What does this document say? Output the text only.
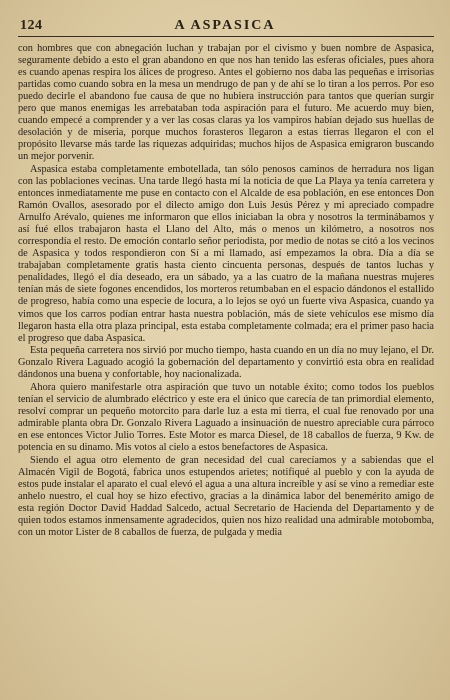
124	A ASPASICA

con hombres que con abnegación luchan y trabajan por el civismo y buen nombre de Aspasica, seguramente debido a esto el gran abandono en que nos han tenido las esferas oficiales, pues ahora es cuando apenas respira los álices de progreso. Antes el gobierno nos daba las pequeñas e irrisorias partidas como cuando sobra en la mesa un mendrugo de pan y de ahí se lo tiran a los perros. Por eso puedo decirle el abandono fue causa de que no hubiera instrucción para tantos que querían surgir pero que manos enemigas les arrebataban toda aspiración para el futuro. Me acuerdo muy bien, cuando empecé a comprender y a ver las cosas claras ya los vampiros habían dejado sus huellas de desolación y de miseria, porque muchos forasteros llegaron a estas tierras llegaron el con el propósito llevarse más tarde las riquezas adquiridas; muchos hijos de Aspasica emigraron buscando un mejor porvenir.

Aspasica estaba completamente embotellada, tan sólo penosos caminos de herradura nos ligan con las poblaciones vecinas. Una tarde llegó hasta mí la noticia de que La Playa ya tenía carretera y entonces inmediatamente me puse en contacto con el Alcalde de esa población, en ese entonces Don Ramón Ovallos, asesorado por el dilecto amigo don Luis Jesús Pérez y mi apreciado compadre Arnulfo Arévalo, quienes me informaron que ellos iniciaban la obra y nosotros la terminábamos y así fué ellos trabajaron hasta el Llano del Alto, más o menos un kilómetro, a nosotros nos correspondía el resto. De emoción contarlo señor periodista, por medio de notas se citó a los vecinos de Aspasica y todos respondieron con Sí a mi llamado, así empezamos la obra. Día a día se trabajaban completamente gratis hasta ciento cincuenta personas, después de tantos luchas y penalidades, llegó el día deseado, era un sábado, ya a las cuatro de la mañana nuestras mujeres tenían más de siete fogones encendidos, los morteros retumbaban en el espacio dándonos el estallido de progreso, había como una especie de locura, a lo lejos se oyó un fuerte viva Aspasica, cuando ya vimos que los carros podían entrar hasta nuestra población, más de siete vehículos ese mismo día llegaron hasta ella otra plaza principal, esta estaba completamente colmada; era el primer paso hacia el progreso que daba Aspasica.

Esta pequeña carretera nos sirvió por mucho tiempo, hasta cuando en un día no muy lejano, el Dr. Gonzalo Rivera Laguado acogió la gobernación del departamento y convirtió esta obra en realidad dándonos una buena y confortable, hoy nacionalizada.

Ahora quiero manifestarle otra aspiración que tuvo un notable éxito; como todos los pueblos tenían el servicio de alumbrado eléctrico y este era el único que carecía de tan primordial elemento, resolví comprar un pequeño motorcito para darle luz a esta mi tierra, el cual fue renovado por una admirable planta obra Dr. Gonzalo Rivera Laguado a insinuación de nuestro apreciable cura párroco en ese entonces Victor Julio Torres. Este Motor es marca Diesel, de 18 caballos de fuerza, 9 Kw. de potencia en su dinamo. Mis votos al cielo a estos benefactores de Aspasica.

Siendo el agua otro elemento de gran necesidad del cual carecíamos y a sabiendas que el Almacén Vigil de Bogotá, fabrica unos estupendos arietes; notifiqué al pueblo y con la ayuda de estos pude instalar el aparato el cual elevó el agua a una altura increíble y así se vino a remediar este anhelo nuestro, el cual hoy se hizo efectivo, gracias a la dinámica labor del benemérito amigo de esta región Doctor David Haddad Salcedo, actual Secretario de Hacienda del Departamento y de quien todos estamos inmensamente agradecidos, quien nos hizo realidad una admirable motobomba, con un motor Lister de 8 caballos de fuerza, de pulgada y media
